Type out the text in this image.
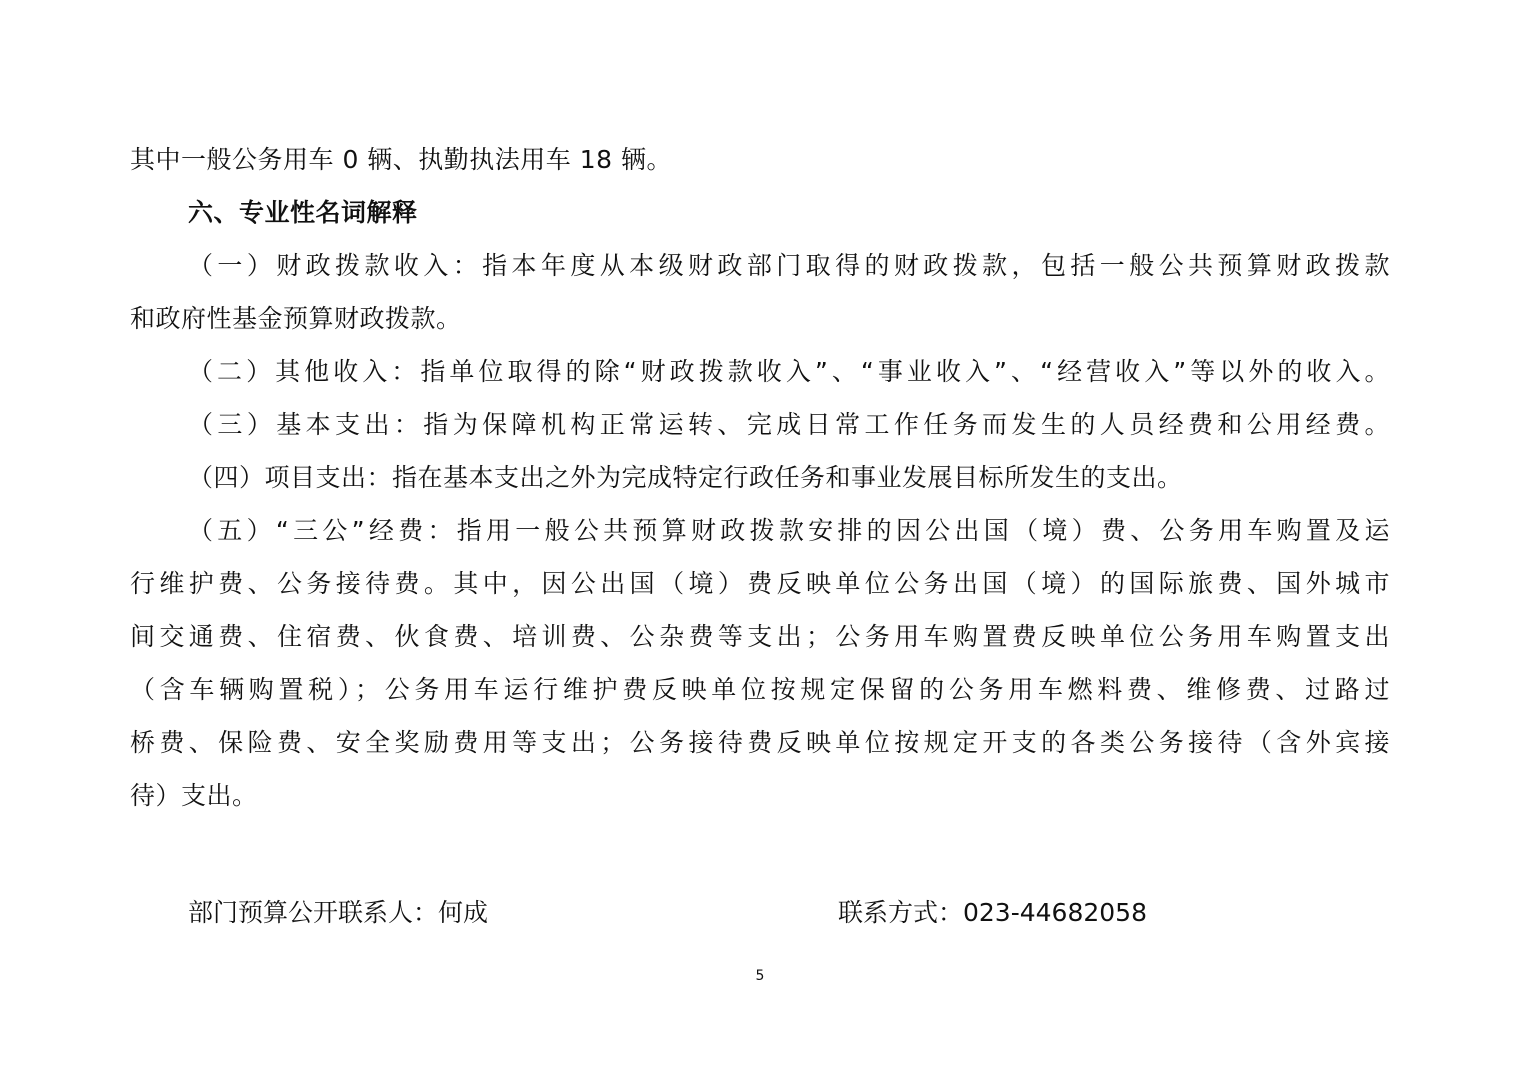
其中一般公务用车 0 辆、执勤执法用车 18 辆。
六、专业性名词解释
（一）财政拨款收入：指本年度从本级财政部门取得的财政拨款，包括一般公共预算财政拨款
和政府性基金预算财政拨款。
（二）其他收入：指单位取得的除“财政拨款收入”、“事业收入”、“经营收入”等以外的收入。
（三）基本支出：指为保障机构正常运转、完成日常工作任务而发生的人员经费和公用经费。
（四）项目支出：指在基本支出之外为完成特定行政任务和事业发展目标所发生的支出。
（五）“三公”经费：指用一般公共预算财政拨款安排的因公出国（境）费、公务用车购置及运
行维护费、公务接待费。其中，因公出国（境）费反映单位公务出国（境）的国际旅费、国外城市
间交通费、住宿费、伙食费、培训费、公杂费等支出；公务用车购置费反映单位公务用车购置支出
（含车辆购置税）；公务用车运行维护费反映单位按规定保留的公务用车燃料费、维修费、过路过
桥费、保险费、安全奖励费用等支出；公务接待费反映单位按规定开支的各类公务接待（含外宾接
待）支出。
部门预算公开联系人：何成	联系方式：023-44682058
5
